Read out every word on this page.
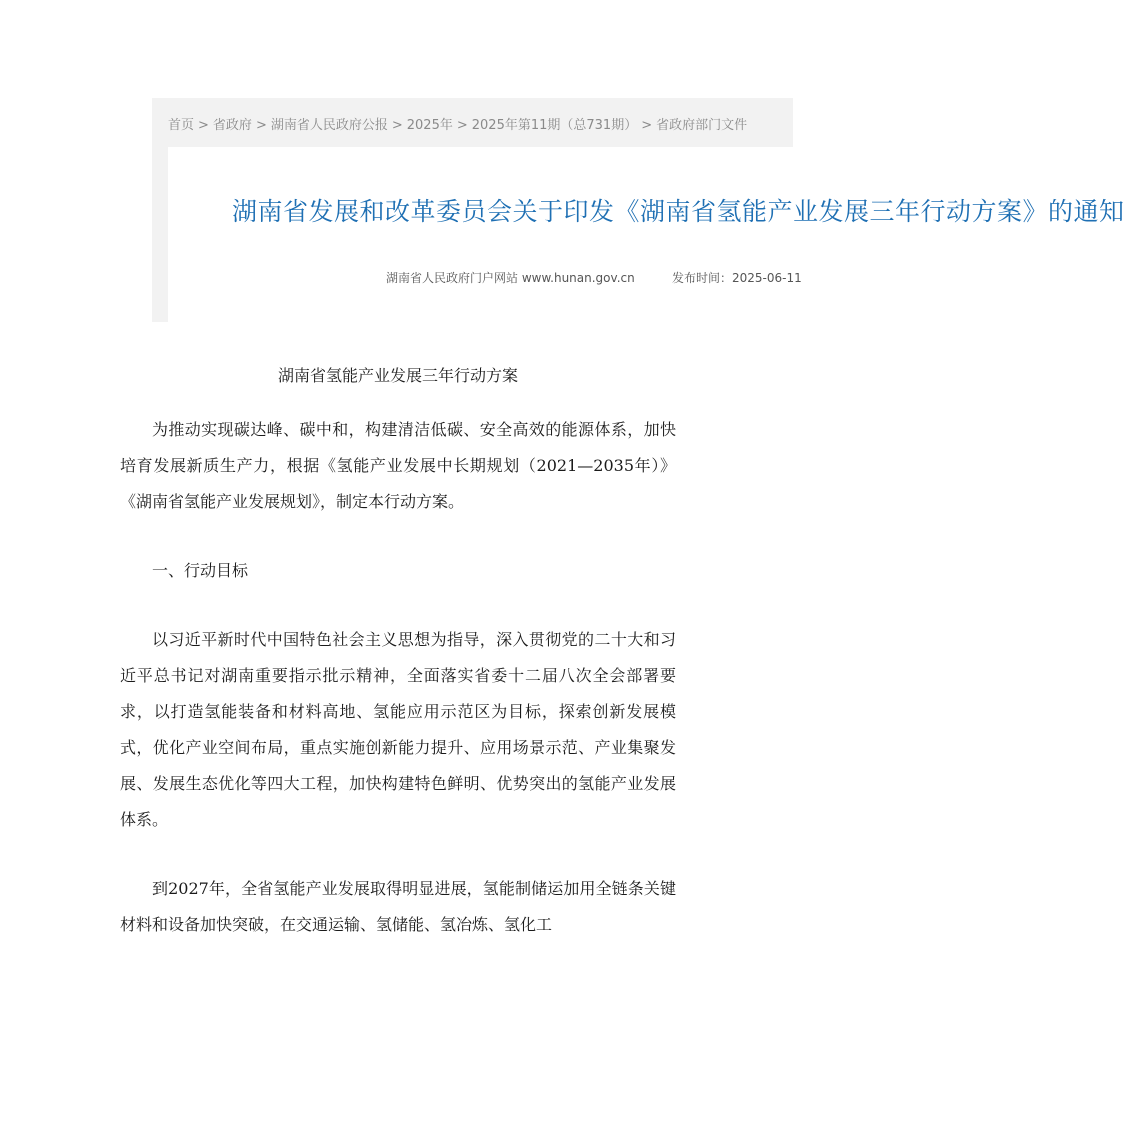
首页 > 省政府 > 湖南省人民政府公报 > 2025年 > 2025年第11期（总731期） > 省政府部门文件
湖南省发展和改革委员会关于印发《湖南省氢能产业发展三年行动方案》的通知
湖南省人民政府门户网站 www.hunan.gov.cn	发布时间：2025-06-11
湖南省氢能产业发展三年行动方案

为推动实现碳达峰、碳中和，构建清洁低碳、安全高效的能源体系，加快培育发展新质生产力，根据《氢能产业发展中长期规划（2021—2035年）》《湖南省氢能产业发展规划》，制定本行动方案。

一、行动目标

以习近平新时代中国特色社会主义思想为指导，深入贯彻党的二十大和习近平总书记对湖南重要指示批示精神，全面落实省委十二届八次全会部署要求，以打造氢能装备和材料高地、氢能应用示范区为目标，探索创新发展模式，优化产业空间布局，重点实施创新能力提升、应用场景示范、产业集聚发展、发展生态优化等四大工程，加快构建特色鲜明、优势突出的氢能产业发展体系。

到2027年，全省氢能产业发展取得明显进展，氢能制储运加用全链条关键材料和设备加快突破，在交通运输、氢储能、氢冶炼、氢化工
